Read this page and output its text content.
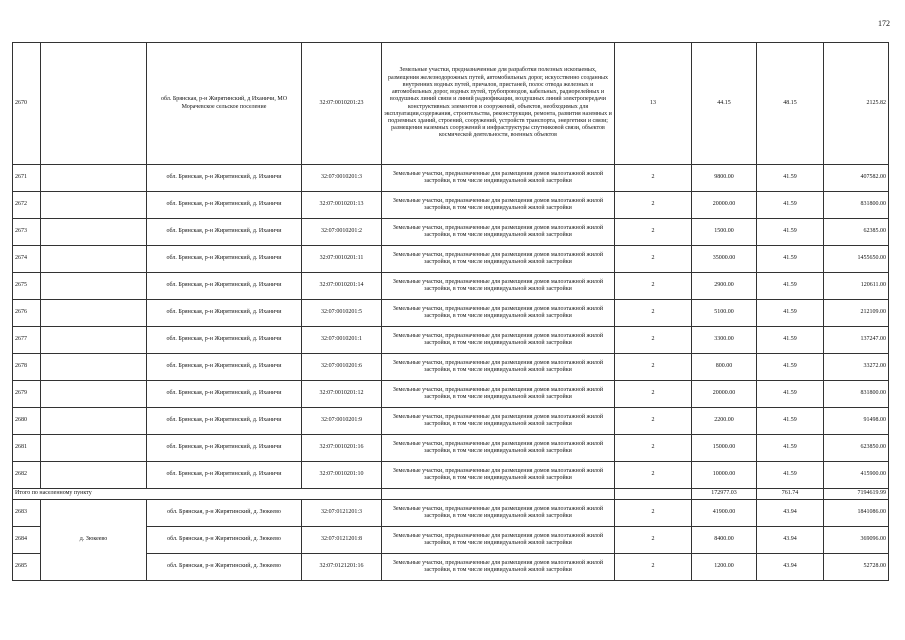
172
2670		обл. Брянская, р-н Жирятинский, д Иханичи, МО Морачевское сельское поселение	32:07:0010201:23	Земельные участки, предназначенные для разработки полезных ископаемых, размещения железнодорожных путей, автомобильных дорог, искусственно созданных внутренних водных путей, причалов, пристаней, полос отвода железных и автомобильных дорог, водных путей, трубопроводов, кабельных, радиорелейных и воздушных линий связи и линий радиофикации, воздушных линий электропередачи конструктивных элементов и сооружений, объектов, необходимых для эксплуатации,содержания, строительства, реконструкции, ремонта, развития наземных и подземных зданий, строений, сооружений, устройств транспорта, энергетики и связи; размещения наземных сооружений и инфраструктуры спутниковой связи, объектов космической деятельности, военных объектов	13	44.15	48.15	2125.82
2671		обл. Брянская, р-н Жирятинский, д. Иханичи	32:07:0010201:3	Земельные участки, предназначенные для размещения домов малоэтажной жилой застройки, в том числе индивидуальной жилой застройки	2	9800.00	41.59	407582.00
2672		обл. Брянская, р-н Жирятинский, д. Иханичи	32:07:0010201:13	Земельные участки, предназначенные для размещения домов малоэтажной жилой застройки, в том числе индивидуальной жилой застройки	2	20000.00	41.59	831800.00
2673		обл. Брянская, р-н Жирятинский, д. Иханичи	32:07:0010201:2	Земельные участки, предназначенные для размещения домов малоэтажной жилой застройки, в том числе индивидуальной жилой застройки	2	1500.00	41.59	62385.00
2674		обл. Брянская, р-н Жирятинский, д. Иханичи	32:07:0010201:11	Земельные участки, предназначенные для размещения домов малоэтажной жилой застройки, в том числе индивидуальной жилой застройки	2	35000.00	41.59	1455650.00
2675		обл. Брянская, р-н Жирятинский, д. Иханичи	32:07:0010201:14	Земельные участки, предназначенные для размещения домов малоэтажной жилой застройки, в том числе индивидуальной жилой застройки	2	2900.00	41.59	120611.00
2676		обл. Брянская, р-н Жирятинский, д. Иханичи	32:07:0010201:5	Земельные участки, предназначенные для размещения домов малоэтажной жилой застройки, в том числе индивидуальной жилой застройки	2	5100.00	41.59	212109.00
2677		обл. Брянская, р-н Жирятинский, д. Иханичи	32:07:0010201:1	Земельные участки, предназначенные для размещения домов малоэтажной жилой застройки, в том числе индивидуальной жилой застройки	2	3300.00	41.59	137247.00
2678		обл. Брянская, р-н Жирятинский, д. Иханичи	32:07:0010201:6	Земельные участки, предназначенные для размещения домов малоэтажной жилой застройки, в том числе индивидуальной жилой застройки	2	800.00	41.59	33272.00
2679		обл. Брянская, р-н Жирятинский, д. Иханичи	32:07:0010201:12	Земельные участки, предназначенные для размещения домов малоэтажной жилой застройки, в том числе индивидуальной жилой застройки	2	20000.00	41.59	831800.00
2680		обл. Брянская, р-н Жирятинский, д. Иханичи	32:07:0010201:9	Земельные участки, предназначенные для размещения домов малоэтажной жилой застройки, в том числе индивидуальной жилой застройки	2	2200.00	41.59	91498.00
2681		обл. Брянская, р-н Жирятинский, д. Иханичи	32:07:0010201:16	Земельные участки, предназначенные для размещения домов малоэтажной жилой застройки, в том числе индивидуальной жилой застройки	2	15000.00	41.59	623850.00
2682		обл. Брянская, р-н Жирятинский, д. Иханичи	32:07:0010201:10	Земельные участки, предназначенные для размещения домов малоэтажной жилой застройки, в том числе индивидуальной жилой застройки	2	10000.00	41.59	415900.00
Итого по населенному пункту						172977.03	761.74	7194619.99
2683	д. Зюкеево	обл. Брянская, р-н Жирятинский, д. Зюкеево	32:07:0121201:3	Земельные участки, предназначенные для размещения домов малоэтажной жилой застройки, в том числе индивидуальной жилой застройки	2	41900.00	43.94	1841086.00
2684		обл. Брянская, р-н Жирятинский, д. Зюкеево	32:07:0121201:8	Земельные участки, предназначенные для размещения домов малоэтажной жилой застройки, в том числе индивидуальной жилой застройки	2	8400.00	43.94	369096.00
2685		обл. Брянская, р-н Жирятинский, д. Зюкеево	32:07:0121201:16	Земельные участки, предназначенные для размещения домов малоэтажной жилой застройки, в том числе индивидуальной жилой застройки	2	1200.00	43.94	52728.00
